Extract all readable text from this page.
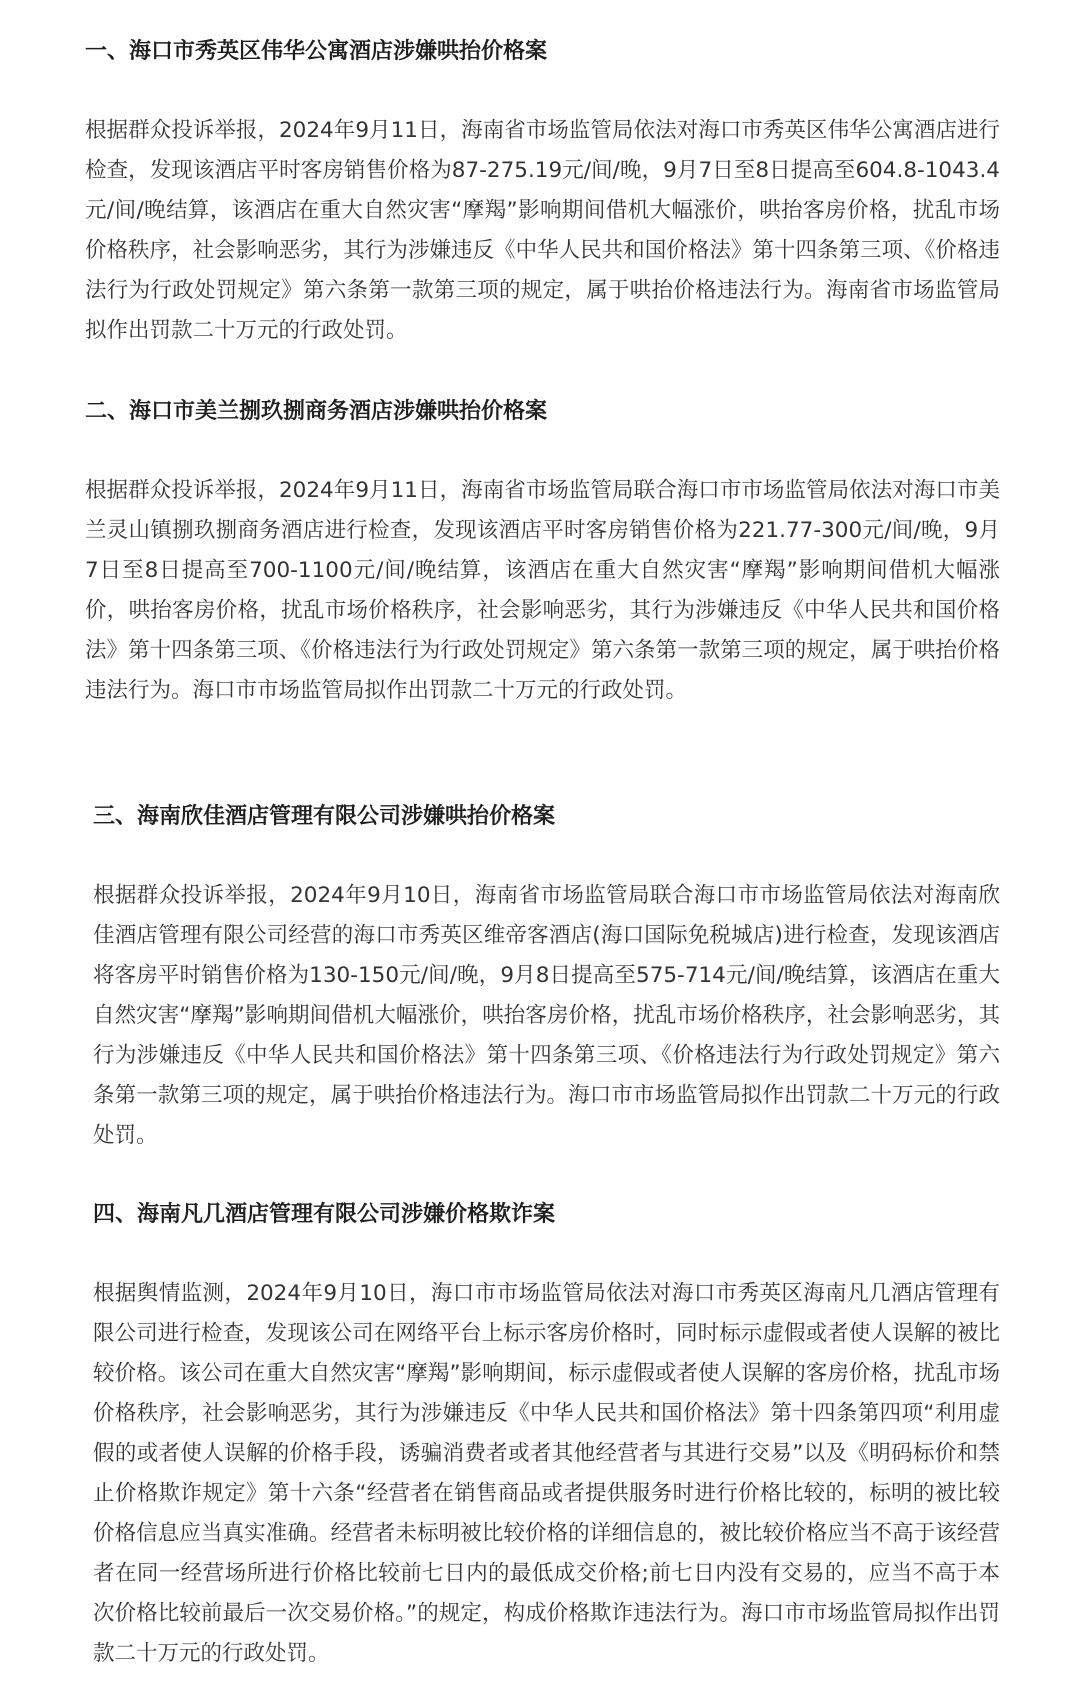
一、海口市秀英区伟华公寓酒店涉嫌哄抬价格案

根据群众投诉举报，2024年9月11日，海南省市场监管局依法对海口市秀英区伟华公寓酒店进行检查，发现该酒店平时客房销售价格为87-275.19元/间/晚，9月7日至8日提高至604.8-1043.4元/间/晚结算，该酒店在重大自然灾害“摩羯”影响期间借机大幅涨价，哄抬客房价格，扰乱市场价格秩序，社会影响恶劣，其行为涉嫌违反《中华人民共和国价格法》第十四条第三项、《价格违法行为行政处罚规定》第六条第一款第三项的规定，属于哄抬价格违法行为。海南省市场监管局拟作出罚款二十万元的行政处罚。

二、海口市美兰捌玖捌商务酒店涉嫌哄抬价格案

根据群众投诉举报，2024年9月11日，海南省市场监管局联合海口市市场监管局依法对海口市美兰灵山镇捌玖捌商务酒店进行检查，发现该酒店平时客房销售价格为221.77-300元/间/晚，9月7日至8日提高至700-1100元/间/晚结算，该酒店在重大自然灾害“摩羯”影响期间借机大幅涨价，哄抬客房价格，扰乱市场价格秩序，社会影响恶劣，其行为涉嫌违反《中华人民共和国价格法》第十四条第三项、《价格违法行为行政处罚规定》第六条第一款第三项的规定，属于哄抬价格违法行为。海口市市场监管局拟作出罚款二十万元的行政处罚。

三、海南欣佳酒店管理有限公司涉嫌哄抬价格案

根据群众投诉举报，2024年9月10日，海南省市场监管局联合海口市市场监管局依法对海南欣佳酒店管理有限公司经营的海口市秀英区维帝客酒店(海口国际免税城店)进行检查，发现该酒店将客房平时销售价格为130-150元/间/晚，9月8日提高至575-714元/间/晚结算，该酒店在重大自然灾害“摩羯”影响期间借机大幅涨价，哄抬客房价格，扰乱市场价格秩序，社会影响恶劣，其行为涉嫌违反《中华人民共和国价格法》第十四条第三项、《价格违法行为行政处罚规定》第六条第一款第三项的规定，属于哄抬价格违法行为。海口市市场监管局拟作出罚款二十万元的行政处罚。

四、海南凡几酒店管理有限公司涉嫌价格欺诈案

根据舆情监测，2024年9月10日，海口市市场监管局依法对海口市秀英区海南凡几酒店管理有限公司进行检查，发现该公司在网络平台上标示客房价格时，同时标示虚假或者使人误解的被比较价格。该公司在重大自然灾害“摩羯”影响期间，标示虚假或者使人误解的客房价格，扰乱市场价格秩序，社会影响恶劣，其行为涉嫌违反《中华人民共和国价格法》第十四条第四项“利用虚假的或者使人误解的价格手段，诱骗消费者或者其他经营者与其进行交易”以及《明码标价和禁止价格欺诈规定》第十六条“经营者在销售商品或者提供服务时进行价格比较的，标明的被比较价格信息应当真实准确。经营者未标明被比较价格的详细信息的，被比较价格应当不高于该经营者在同一经营场所进行价格比较前七日内的最低成交价格;前七日内没有交易的，应当不高于本次价格比较前最后一次交易价格。”的规定，构成价格欺诈违法行为。海口市市场监管局拟作出罚款二十万元的行政处罚。
